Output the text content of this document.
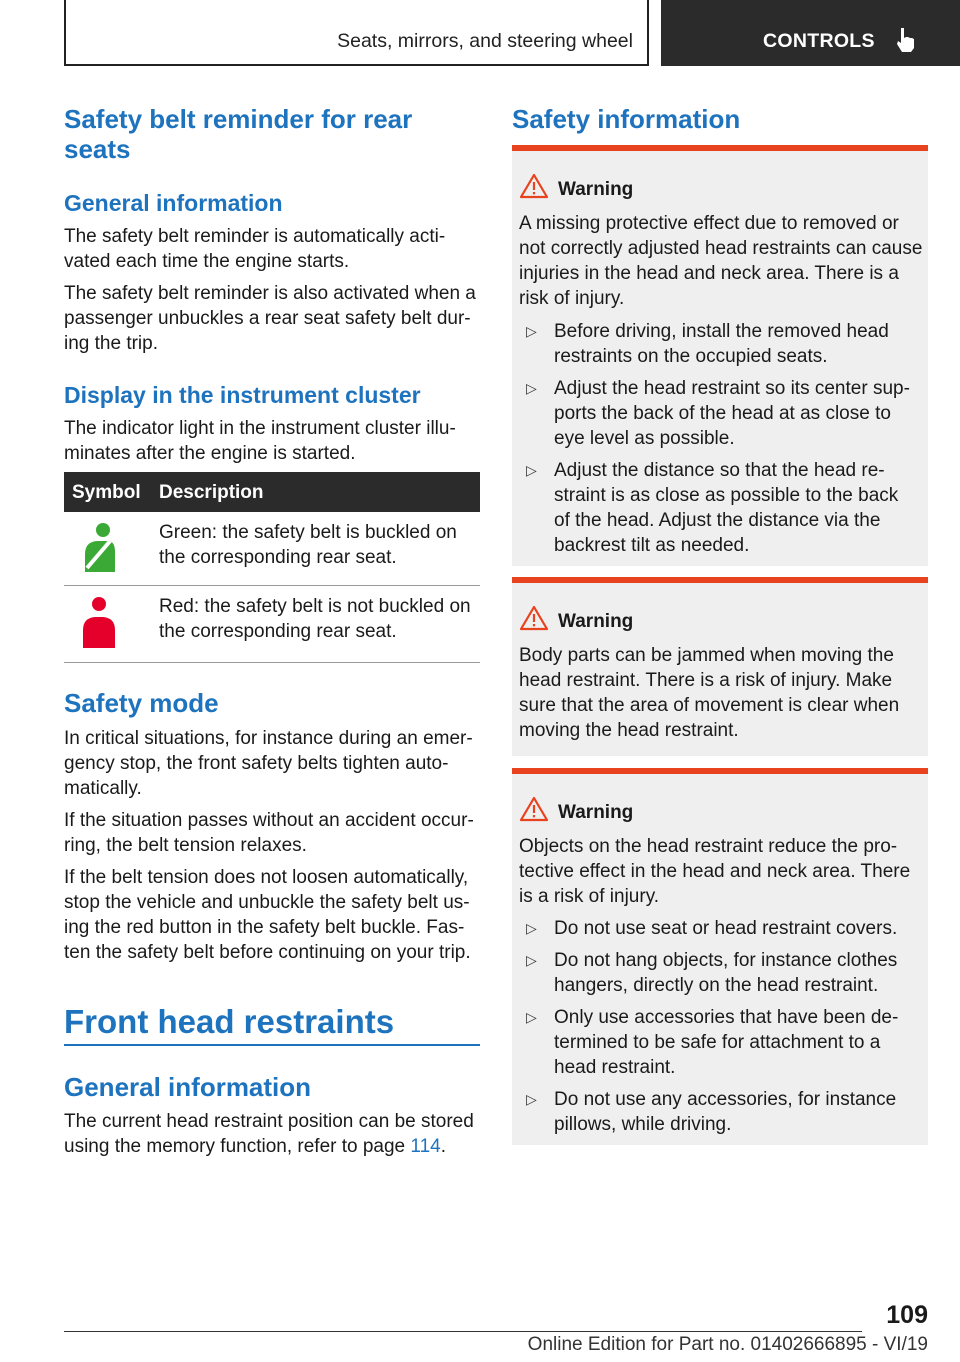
Seats, mirrors, and steering wheel	CONTROLS
Safety belt reminder for rear seats
General information
The safety belt reminder is automatically acti-vated each time the engine starts.
The safety belt reminder is also activated when a passenger unbuckles a rear seat safety belt dur-ing the trip.
Display in the instrument cluster
The indicator light in the instrument cluster illu-minates after the engine is started.
Symbol Description
Green: the safety belt is buckled on the corresponding rear seat.
Red: the safety belt is not buckled on the corresponding rear seat.
Safety mode
In critical situations, for instance during an emer-gency stop, the front safety belts tighten auto-matically.
If the situation passes without an accident occur-ring, the belt tension relaxes.
If the belt tension does not loosen automatically, stop the vehicle and unbuckle the safety belt us-ing the red button in the safety belt buckle. Fas-ten the safety belt before continuing on your trip.
Front head restraints
General information
The current head restraint position can be stored using the memory function, refer to page 114.
Safety information
Warning
A missing protective effect due to removed or not correctly adjusted head restraints can cause injuries in the head and neck area. There is a risk of injury.
▷ Before driving, install the removed head restraints on the occupied seats.
▷ Adjust the head restraint so its center sup-ports the back of the head at as close to eye level as possible.
▷ Adjust the distance so that the head re-straint is as close as possible to the back of the head. Adjust the distance via the backrest tilt as needed.
Warning
Body parts can be jammed when moving the head restraint. There is a risk of injury. Make sure that the area of movement is clear when moving the head restraint.
Warning
Objects on the head restraint reduce the pro-tective effect in the head and neck area. There is a risk of injury.
▷ Do not use seat or head restraint covers.
▷ Do not hang objects, for instance clothes hangers, directly on the head restraint.
▷ Only use accessories that have been de-termined to be safe for attachment to a head restraint.
▷ Do not use any accessories, for instance pillows, while driving.
109
Online Edition for Part no. 01402666895 - VI/19
